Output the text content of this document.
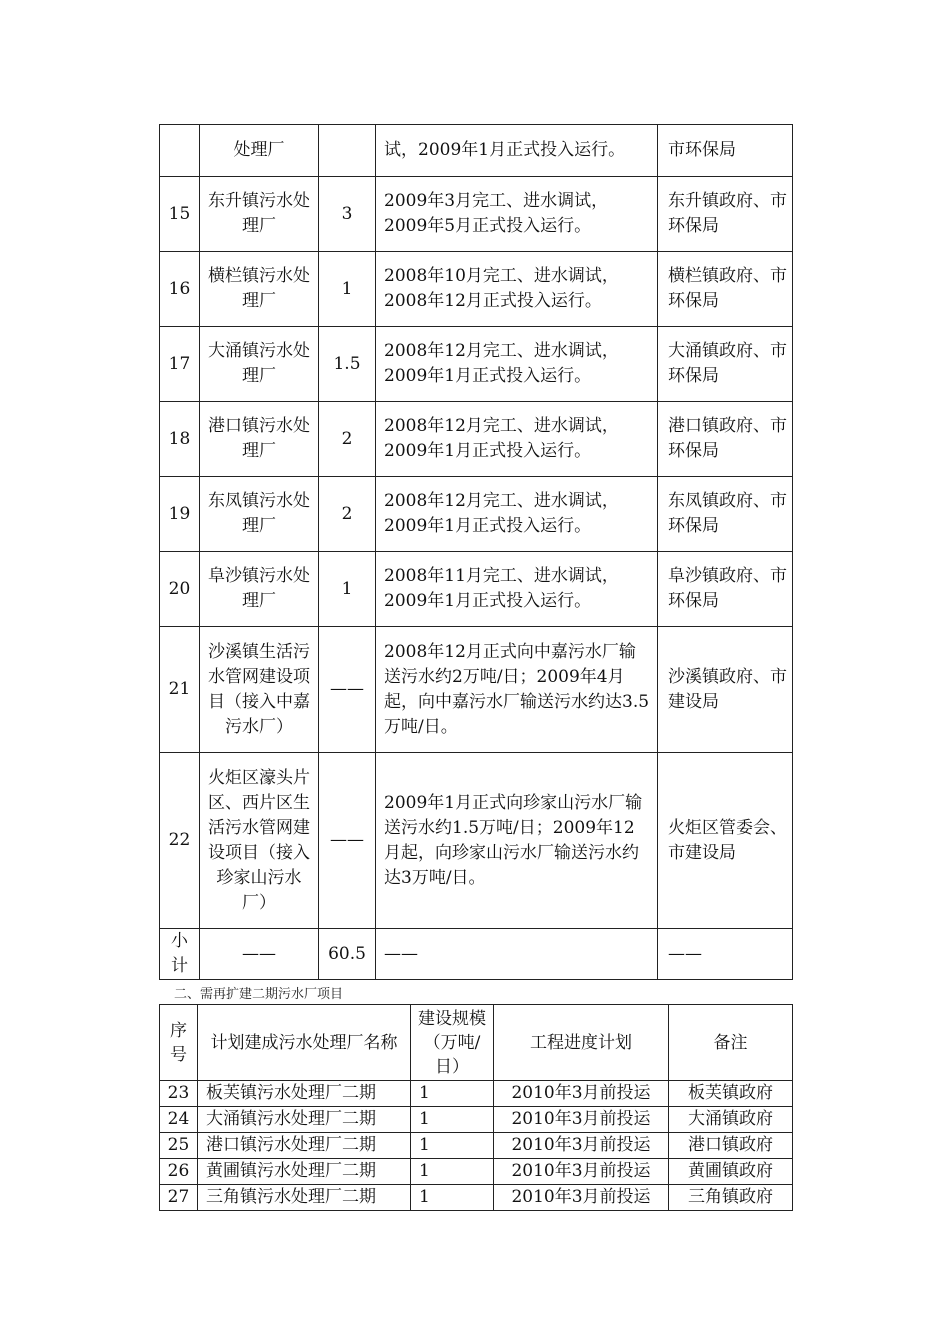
	处理厂		试，2009年1月正式投入运行。	市环保局
15	东升镇污水处理厂	3	2009年3月完工、进水调试，2009年5月正式投入运行。	东升镇政府、市环保局
16	横栏镇污水处理厂	1	2008年10月完工、进水调试，2008年12月正式投入运行。	横栏镇政府、市环保局
17	大涌镇污水处理厂	1.5	2008年12月完工、进水调试，2009年1月正式投入运行。	大涌镇政府、市环保局
18	港口镇污水处理厂	2	2008年12月完工、进水调试，2009年1月正式投入运行。	港口镇政府、市环保局
19	东凤镇污水处理厂	2	2008年12月完工、进水调试，2009年1月正式投入运行。	东凤镇政府、市环保局
20	阜沙镇污水处理厂	1	2008年11月完工、进水调试，2009年1月正式投入运行。	阜沙镇政府、市环保局
21	沙溪镇生活污水管网建设项目（接入中嘉污水厂）	——	2008年12月正式向中嘉污水厂输送污水约2万吨/日；2009年4月起，向中嘉污水厂输送污水约达3.5万吨/日。	沙溪镇政府、市建设局
22	火炬区濠头片区、西片区生活污水管网建设项目（接入珍家山污水厂）	——	2009年1月正式向珍家山污水厂输送污水约1.5万吨/日；2009年12月起，向珍家山污水厂输送污水约达3万吨/日。	火炬区管委会、市建设局
小计	——	60.5	——	——
二、需再扩建二期污水厂项目
序号	计划建成污水处理厂名称	建设规模（万吨/日）	工程进度计划	备注
23	板芙镇污水处理厂二期	1	2010年3月前投运	板芙镇政府
24	大涌镇污水处理厂二期	1	2010年3月前投运	大涌镇政府
25	港口镇污水处理厂二期	1	2010年3月前投运	港口镇政府
26	黄圃镇污水处理厂二期	1	2010年3月前投运	黄圃镇政府
27	三角镇污水处理厂二期	1	2010年3月前投运	三角镇政府
